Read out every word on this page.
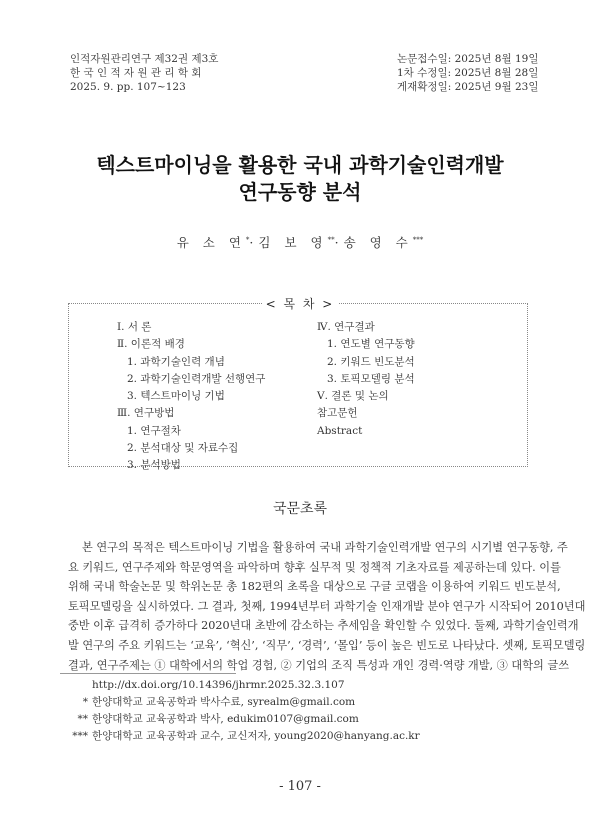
인적자원관리연구 제32권 제3호
한 국 인 적 자 원 관 리 학 회
2025. 9. pp. 107~123
논문접수일: 2025년 8월 19일
1차 수정일: 2025년 8월 28일
게재확정일: 2025년 9월 23일
텍스트마이닝을 활용한 국내 과학기술인력개발
연구동향 분석
유 소 연*·김 보 영**·송 영 수***
Ⅰ. 서 론
Ⅱ. 이론적 배경
1. 과학기술인력 개념
2. 과학기술인력개발 선행연구
3. 텍스트마이닝 기법
Ⅲ. 연구방법
1. 연구절차
2. 분석대상 및 자료수집
3. 분석방법
Ⅳ. 연구결과
1. 연도별 연구동향
2. 키워드 빈도분석
3. 토픽모델링 분석
Ⅴ. 결론 및 논의
참고문헌
Abstract
< 목 차 >
국문초록
본 연구의 목적은 텍스트마이닝 기법을 활용하여 국내 과학기술인력개발 연구의 시기별 연구동향, 주
요 키워드, 연구주제와 학문영역을 파악하며 향후 실무적 및 정책적 기초자료를 제공하는데 있다. 이를
위해 국내 학술논문 및 학위논문 총 182편의 초록을 대상으로 구글 코랩을 이용하여 키워드 빈도분석,
토픽모델링을 실시하였다. 그 결과, 첫째, 1994년부터 과학기술 인재개발 분야 연구가 시작되어 2010년대
중반 이후 급격히 증가하다 2020년대 초반에 감소하는 추세임을 확인할 수 있었다. 둘째, 과학기술인력개
발 연구의 주요 키워드는 ‘교육’, ‘혁신’, ‘직무’, ‘경력’, ‘몰입’ 등이 높은 빈도로 나타났다. 셋째, 토픽모델링
결과, 연구주제는 ① 대학에서의 학업 경험, ② 기업의 조직 특성과 개인 경력·역량 개발, ③ 대학의 글쓰
http://dx.doi.org/10.14396/jhrmr.2025.32.3.107
* 한양대학교 교육공학과 박사수료, syrealm@gmail.com
** 한양대학교 교육공학과 박사, edukim0107@gmail.com
*** 한양대학교 교육공학과 교수, 교신저자, young2020@hanyang.ac.kr
- 107 -
